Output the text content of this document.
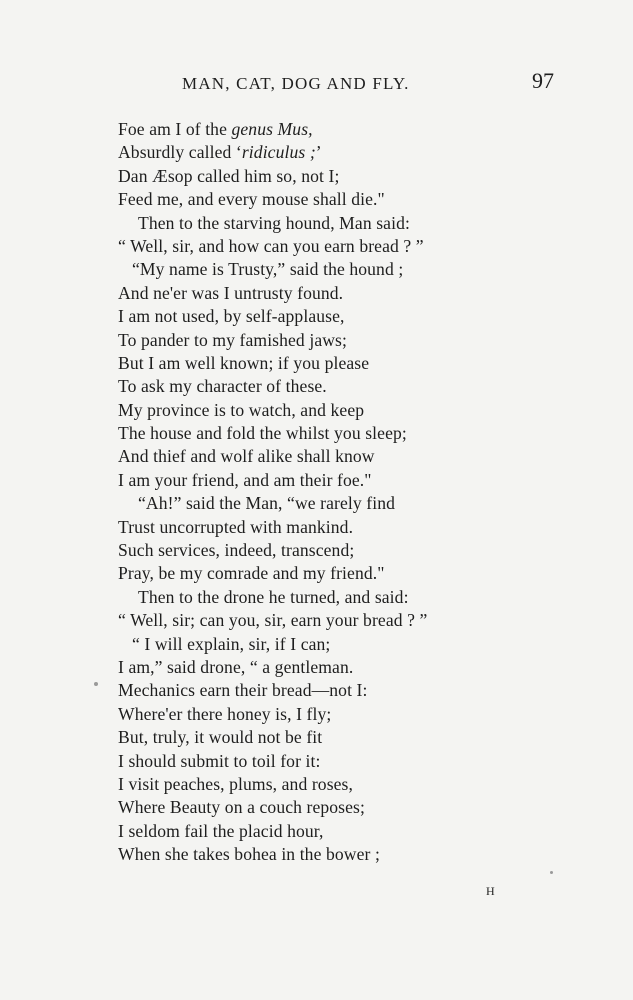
MAN, CAT, DOG AND FLY.	97
Foe am I of the genus Mus,
Absurdly called ‘ridiculus ;’
Dan Æsop called him so, not I;
Feed me, and every mouse shall die."
Then to the starving hound, Man said:
“ Well, sir, and how can you earn bread ? ”
“My name is Trusty,” said the hound ;
And ne'er was I untrusty found.
I am not used, by self-applause,
To pander to my famished jaws;
But I am well known; if you please
To ask my character of these.
My province is to watch, and keep
The house and fold the whilst you sleep;
And thief and wolf alike shall know
I am your friend, and am their foe."
“Ah!” said the Man, “we rarely find
Trust uncorrupted with mankind.
Such services, indeed, transcend;
Pray, be my comrade and my friend."
Then to the drone he turned, and said:
“ Well, sir; can you, sir, earn your bread ? ”
“ I will explain, sir, if I can;
I am,” said drone, “ a gentleman.
Mechanics earn their bread—not I:
Where'er there honey is, I fly;
But, truly, it would not be fit
I should submit to toil for it:
I visit peaches, plums, and roses,
Where Beauty on a couch reposes;
I seldom fail the placid hour,
When she takes bohea in the bower ;
H
